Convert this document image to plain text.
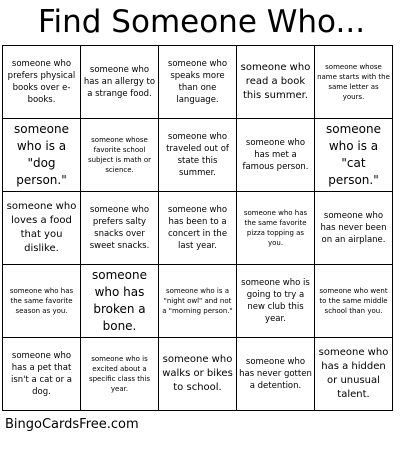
Find Someone Who...
someone who prefers physical books over e-books.	someone who has an allergy to a strange food.	someone who speaks more than one language.	someone who read a book this summer.	someone whose name starts with the same letter as yours.

someone who is a "dog person."	someone whose favorite school subject is math or science.	someone who traveled out of state this summer.	someone who has met a famous person.	someone who is a "cat person."

someone who loves a food that you dislike.	someone who prefers salty snacks over sweet snacks.	someone who has been to a concert in the last year.	someone who has the same favorite pizza topping as you.	someone who has never been on an airplane.

someone who has the same favorite season as you.	someone who has broken a bone.	someone who is a "night owl" and not a "morning person."	someone who is going to try a new club this year.	someone who went to the same middle school than you.

someone who has a pet that isn't a cat or a dog.	someone who is excited about a specific class this year.	someone who walks or bikes to school.	someone who has never gotten a detention.	someone who has a hidden or unusual talent.
BingoCardsFree.com
